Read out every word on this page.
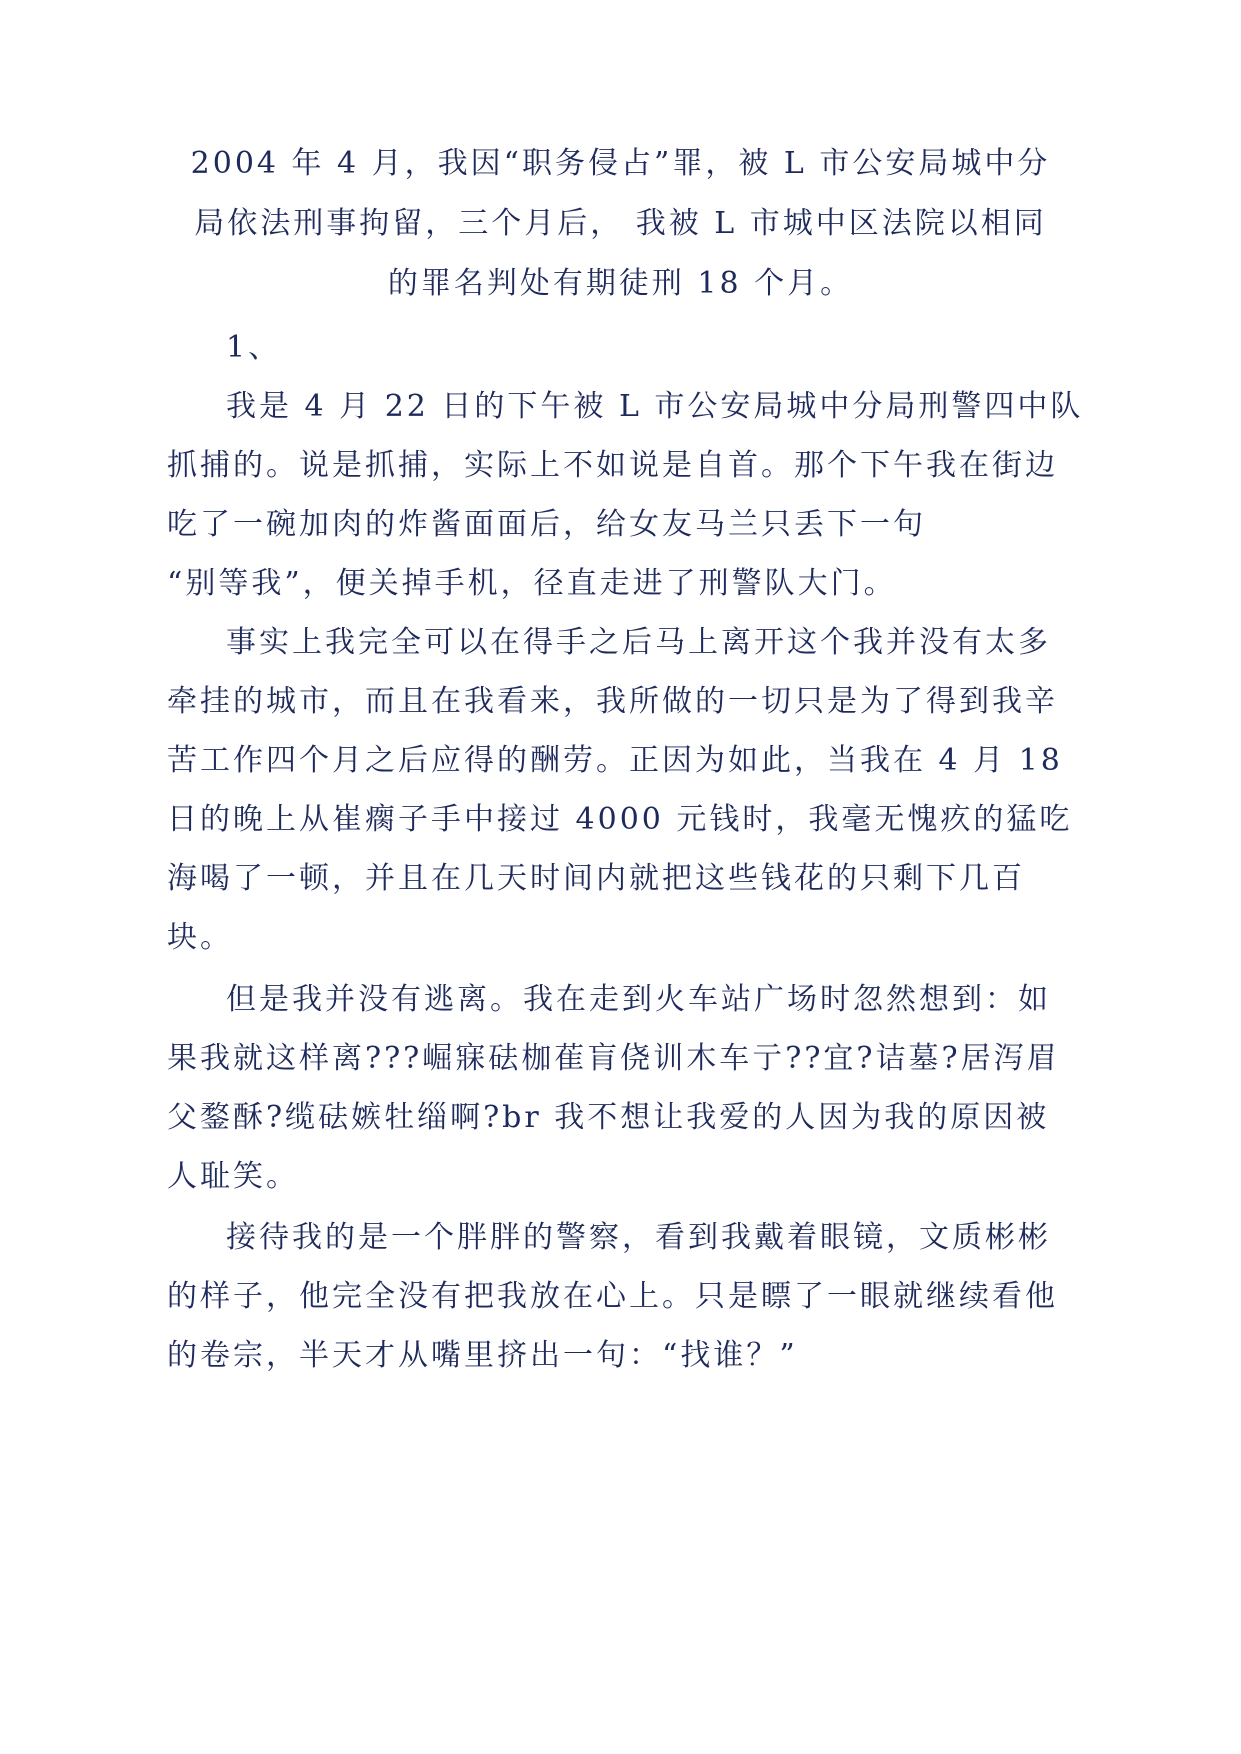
2004 年 4 月，我因“职务侵占”罪，被 L 市公安局城中分
局依法刑事拘留，三个月后， 我被 L 市城中区法院以相同
的罪名判处有期徒刑 18 个月。
1、
我是 4 月 22 日的下午被 L 市公安局城中分局刑警四中队
抓捕的。说是抓捕，实际上不如说是自首。那个下午我在街边
吃了一碗加肉的炸酱面面后，给女友马兰只丢下一句
“别等我”，便关掉手机，径直走进了刑警队大门。
事实上我完全可以在得手之后马上离开这个我并没有太多
牵挂的城市，而且在我看来，我所做的一切只是为了得到我辛
苦工作四个月之后应得的酬劳。正因为如此，当我在 4 月 18
日的晚上从崔瘸子手中接过 4000 元钱时，我毫无愧疚的猛吃
海喝了一顿，并且在几天时间内就把这些钱花的只剩下几百
块。
但是我并没有逃离。我在走到火车站广场时忽然想到：如
果我就这样离???崛寐砝枷萑肓侥训木车亍??宜?诘墓?居泻眉
父鍪酥?缆砝嫉牡缁啊?br 我不想让我爱的人因为我的原因被
人耻笑。
接待我的是一个胖胖的警察，看到我戴着眼镜，文质彬彬
的样子，他完全没有把我放在心上。只是瞟了一眼就继续看他
的卷宗，半天才从嘴里挤出一句：“找谁？”
